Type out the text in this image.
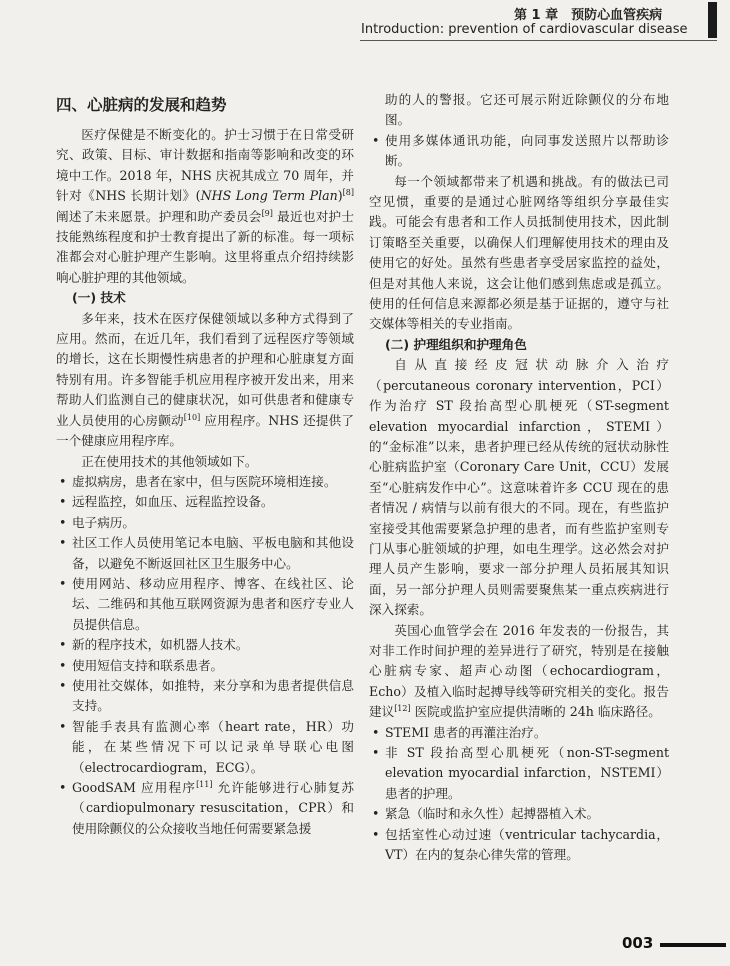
第 1 章　预防心血管疾病
Introduction: prevention of cardiovascular disease
四、心脏病的发展和趋势

医疗保健是不断变化的。护士习惯于在日常受研究、政策、目标、审计数据和指南等影响和改变的环境中工作。2018 年，NHS 庆祝其成立 70 周年，并针对《NHS 长期计划》(NHS Long Term Plan)[8] 阐述了未来愿景。护理和助产委员会[9] 最近也对护士技能熟练程度和护士教育提出了新的标准。每一项标准都会对心脏护理产生影响。这里将重点介绍持续影响心脏护理的其他领域。

(一) 技术

多年来，技术在医疗保健领域以多种方式得到了应用。然而，在近几年，我们看到了远程医疗等领域的增长，这在长期慢性病患者的护理和心脏康复方面特别有用。许多智能手机应用程序被开发出来，用来帮助人们监测自己的健康状况，如可供患者和健康专业人员使用的心房颤动[10] 应用程序。NHS 还提供了一个健康应用程序库。

正在使用技术的其他领域如下。

• 虚拟病房，患者在家中，但与医院环境相连接。
• 远程监控，如血压、远程监控设备。
• 电子病历。
• 社区工作人员使用笔记本电脑、平板电脑和其他设备，以避免不断返回社区卫生服务中心。
• 使用网站、移动应用程序、博客、在线社区、论坛、二维码和其他互联网资源为患者和医疗专业人员提供信息。
• 新的程序技术，如机器人技术。
• 使用短信支持和联系患者。
• 使用社交媒体，如推特，来分享和为患者提供信息支持。
• 智能手表具有监测心率（heart rate，HR）功能，在某些情况下可以记录单导联心电图（electrocardiogram，ECG）。
• GoodSAM 应用程序[11] 允许能够进行心肺复苏（cardiopulmonary resuscitation，CPR）和使用除颤仪的公众接收当地任何需要紧急援
助的人的警报。它还可展示附近除颤仪的分布地图。
• 使用多媒体通讯功能，向同事发送照片以帮助诊断。

每一个领域都带来了机遇和挑战。有的做法已司空见惯，重要的是通过心脏网络等组织分享最佳实践。可能会有患者和工作人员抵制使用技术，因此制订策略至关重要，以确保人们理解使用技术的理由及使用它的好处。虽然有些患者享受居家监控的益处，但是对其他人来说，这会让他们感到焦虑或是孤立。使用的任何信息来源都必须是基于证据的，遵守与社交媒体等相关的专业指南。

(二) 护理组织和护理角色

自从直接经皮冠状动脉介入治疗（percutaneous coronary intervention，PCI）作为治疗 ST 段抬高型心肌梗死（ST-segment elevation myocardial infarction，STEMI）的“金标准”以来，患者护理已经从传统的冠状动脉性心脏病监护室（Coronary Care Unit，CCU）发展至“心脏病发作中心”。这意味着许多 CCU 现在的患者情况 / 病情与以前有很大的不同。现在，有些监护室接受其他需要紧急护理的患者，而有些监护室则专门从事心脏领域的护理，如电生理学。这必然会对护理人员产生影响，要求一部分护理人员拓展其知识面，另一部分护理人员则需要聚焦某一重点疾病进行深入探索。

英国心血管学会在 2016 年发表的一份报告，其对非工作时间护理的差异进行了研究，特别是在接触心脏病专家、超声心动图（echocardiogram，Echo）及植入临时起搏导线等研究相关的变化。报告建议[12] 医院或监护室应提供清晰的 24h 临床路径。

• STEMI 患者的再灌注治疗。
• 非 ST 段抬高型心肌梗死（non-ST-segment elevation myocardial infarction，NSTEMI）患者的护理。
• 紧急（临时和永久性）起搏器植入术。
• 包括室性心动过速（ventricular tachycardia，VT）在内的复杂心律失常的管理。
003
